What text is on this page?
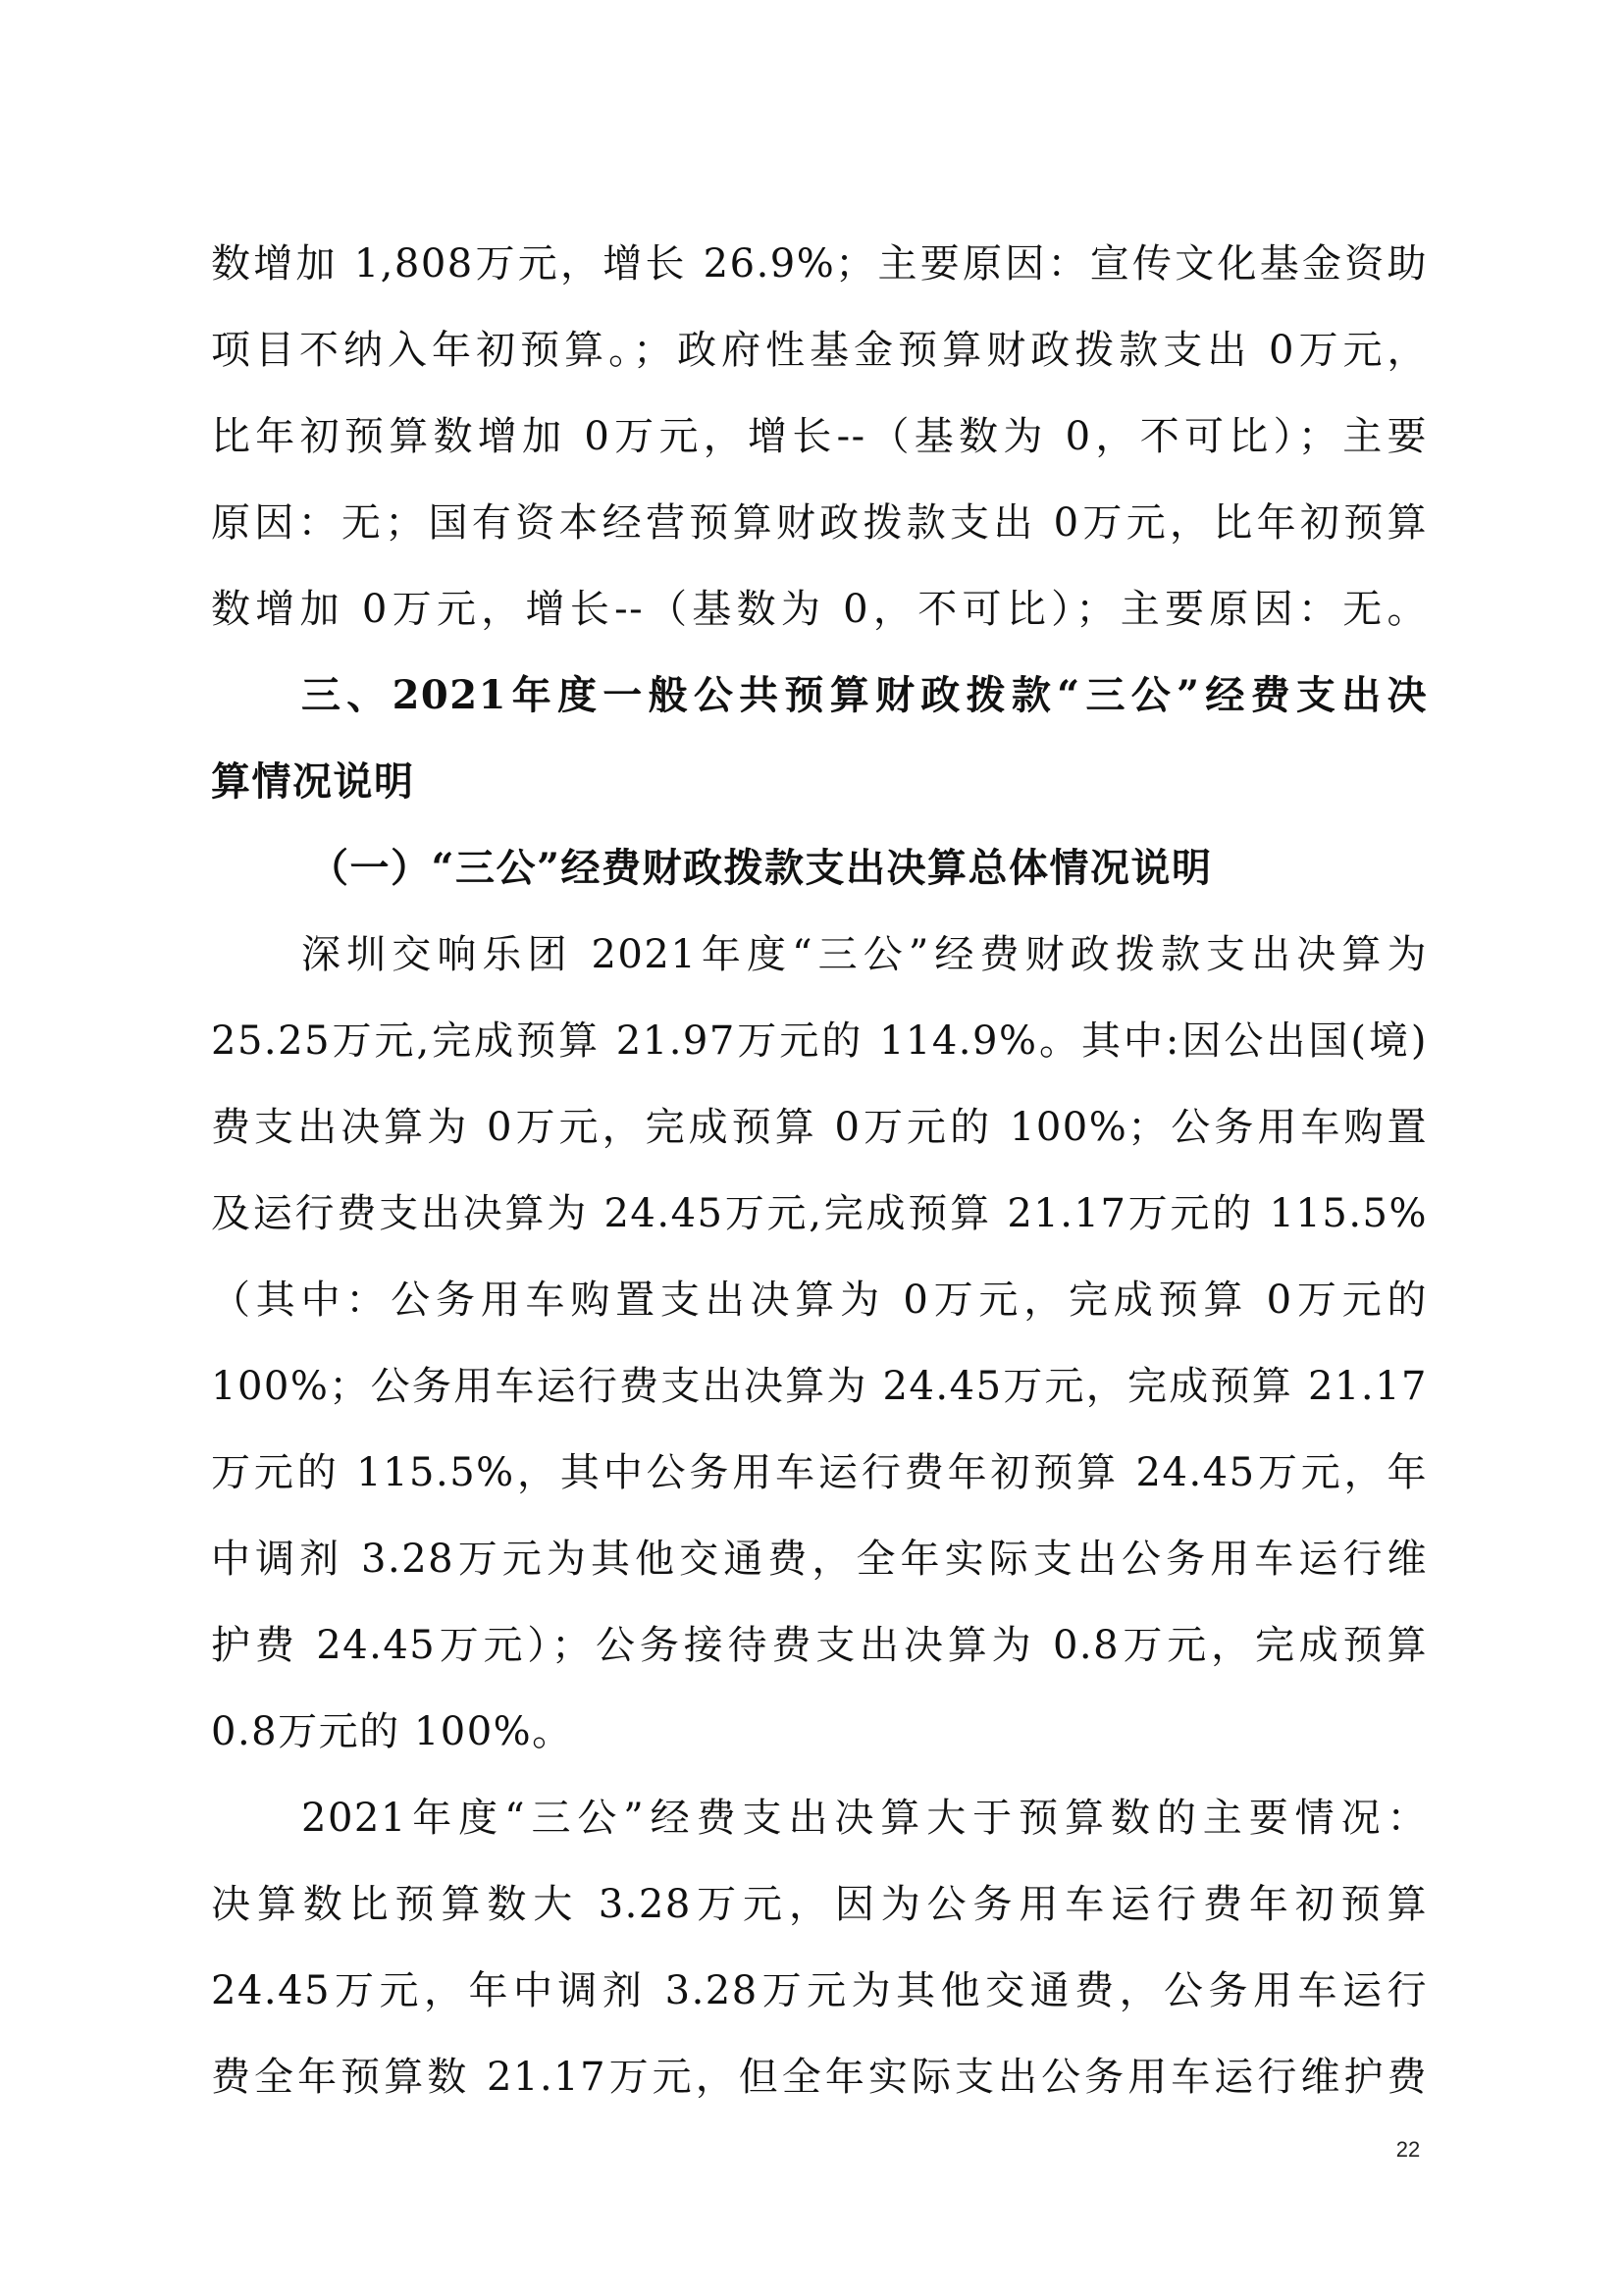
数增加 1,808万元，增长 26.9%；主要原因：宣传文化基金资助
项目不纳入年初预算。；政府性基金预算财政拨款支出 0万元，
比年初预算数增加 0万元，增长--（基数为 0，不可比）；主要
原因：无；国有资本经营预算财政拨款支出 0万元，比年初预算
数增加 0万元，增长--（基数为 0，不可比）；主要原因：无。
三、2021年度一般公共预算财政拨款“三公”经费支出决
算情况说明
（一）“三公”经费财政拨款支出决算总体情况说明
深圳交响乐团 2021年度“三公”经费财政拨款支出决算为
25.25万元,完成预算 21.97万元的 114.9%。其中:因公出国(境)
费支出决算为 0万元，完成预算 0万元的 100%；公务用车购置
及运行费支出决算为 24.45万元,完成预算 21.17万元的 115.5%
（其中：公务用车购置支出决算为 0万元，完成预算 0万元的
100%；公务用车运行费支出决算为 24.45万元，完成预算 21.17
万元的 115.5%，其中公务用车运行费年初预算 24.45万元，年
中调剂 3.28万元为其他交通费，全年实际支出公务用车运行维
护费 24.45万元）；公务接待费支出决算为 0.8万元，完成预算
0.8万元的 100%。
2021年度“三公”经费支出决算大于预算数的主要情况：
决算数比预算数大 3.28万元，因为公务用车运行费年初预算
24.45万元，年中调剂 3.28万元为其他交通费，公务用车运行
费全年预算数 21.17万元，但全年实际支出公务用车运行维护费
22
